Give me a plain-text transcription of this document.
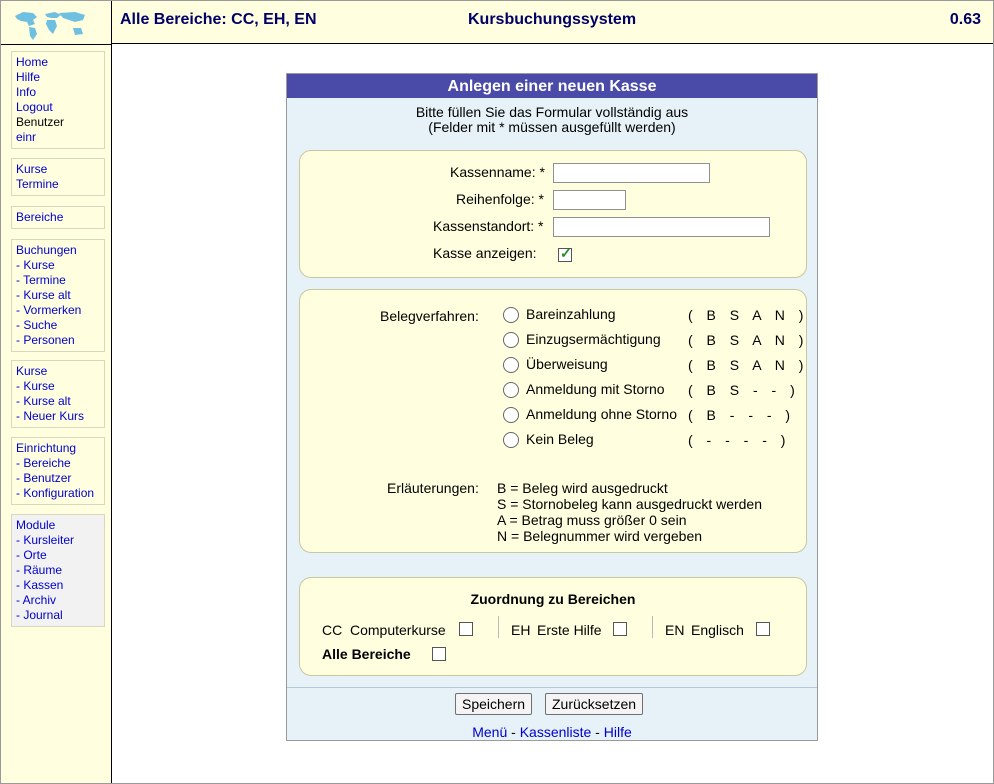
Alle Bereiche: CC, EH, EN	Kursbuchungssystem	0.63
Home
Hilfe
Info
Logout
Benutzer
einr
Kurse
Termine
Bereiche
Buchungen
- Kurse
- Termine
- Kurse alt
- Vormerken
- Suche
- Personen
Kurse
- Kurse
- Kurse alt
- Neuer Kurs
Einrichtung
- Bereiche
- Benutzer
- Konfiguration
Module
- Kursleiter
- Orte
- Räume
- Kassen
- Archiv
- Journal
Anlegen einer neuen Kasse
Bitte füllen Sie das Formular vollständig aus
(Felder mit * müssen ausgefüllt werden)
Kassenname: *
Reihenfolge: *
Kassenstandort: *
Kasse anzeigen:
✓
Belegverfahren:	Bareinzahlung	( B S A N )
Einzugsermächtigung ( B S A N )
Überweisung	( B S A N )
Anmeldung mit Storno ( B S - - )
Anmeldung ohne Storno ( B - - - )
Kein Beleg	( - - - - )
Erläuterungen: B = Beleg wird ausgedruckt
S = Stornobeleg kann ausgedruckt werden
A = Betrag muss größer 0 sein
N = Belegnummer wird vergeben
Zuordnung zu Bereichen
CC Computerkurse	EH Erste Hilfe	EN Englisch
Alle Bereiche
Speichern	Zurücksetzen
Menü - Kassenliste - Hilfe
